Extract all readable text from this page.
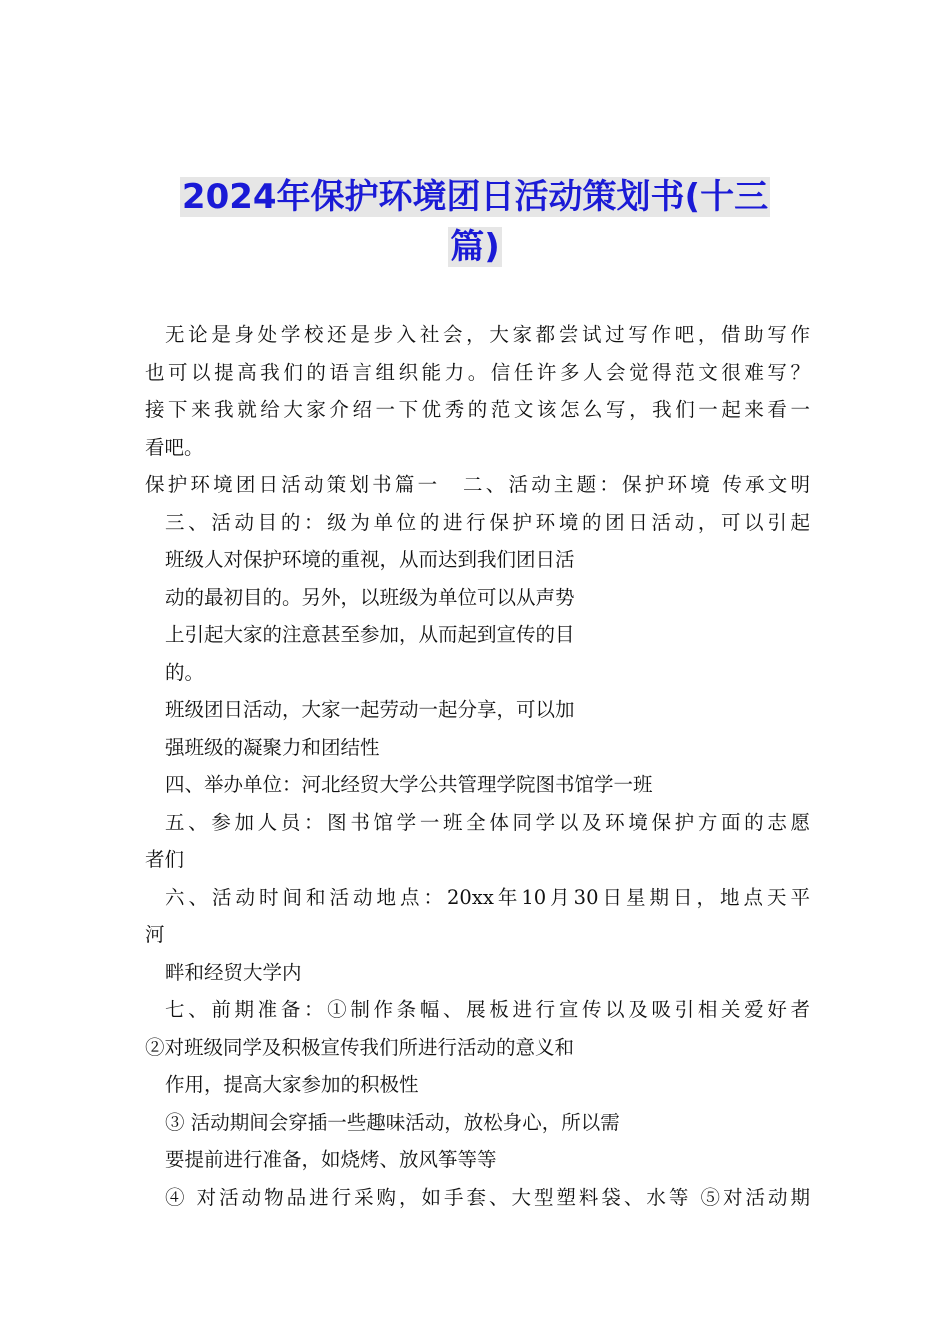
2024年保护环境团日活动策划书(十三
篇)
无论是身处学校还是步入社会，大家都尝试过写作吧，借助写作
也可以提高我们的语言组织能力。信任许多人会觉得范文很难写？
接下来我就给大家介绍一下优秀的范文该怎么写，我们一起来看一
看吧。
保护环境团日活动策划书篇一　二、活动主题：保护环境 传承文明
三、活动目的：级为单位的进行保护环境的团日活动，可以引起
班级人对保护环境的重视，从而达到我们团日活
动的最初目的。另外，以班级为单位可以从声势
上引起大家的注意甚至参加，从而起到宣传的目
的。
班级团日活动，大家一起劳动一起分享，可以加
强班级的凝聚力和团结性
四、举办单位：河北经贸大学公共管理学院图书馆学一班
五、参加人员：图书馆学一班全体同学以及环境保护方面的志愿
者们
六、活动时间和活动地点：20xx年10月30日星期日，地点天平
河
畔和经贸大学内
七、前期准备：①制作条幅、展板进行宣传以及吸引相关爱好者
②对班级同学及积极宣传我们所进行活动的意义和
作用，提高大家参加的积极性
③ 活动期间会穿插一些趣味活动，放松身心，所以需
要提前进行准备，如烧烤、放风筝等等
④ 对活动物品进行采购，如手套、大型塑料袋、水等 ⑤对活动期
